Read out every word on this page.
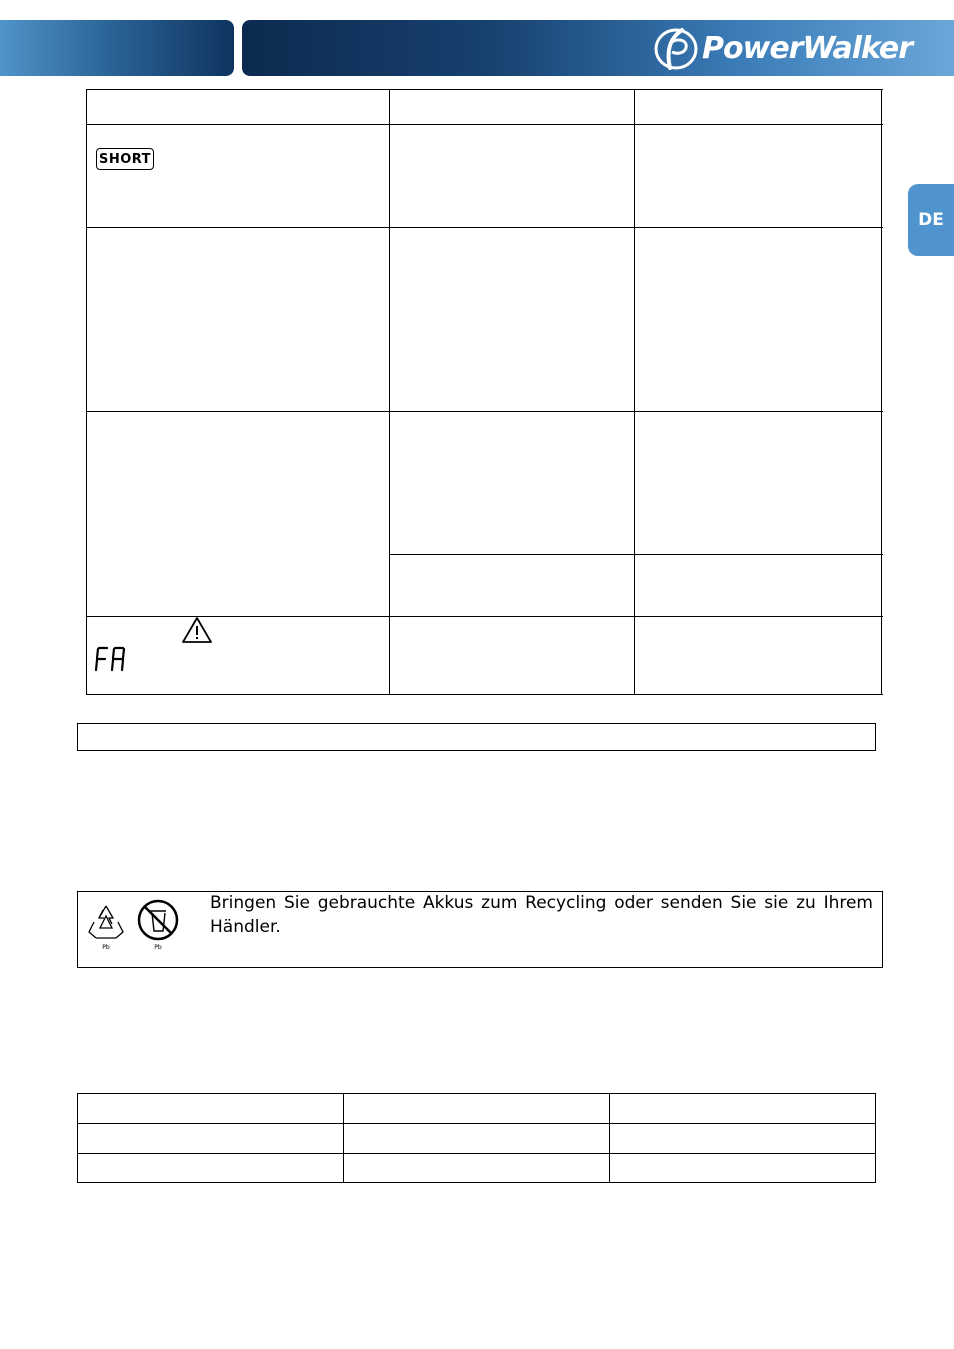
PowerWalker
DE
SHORT
Pb	Pb
Bringen Sie gebrauchte Akkus zum Recycling oder senden Sie sie zu Ihrem Händler.
